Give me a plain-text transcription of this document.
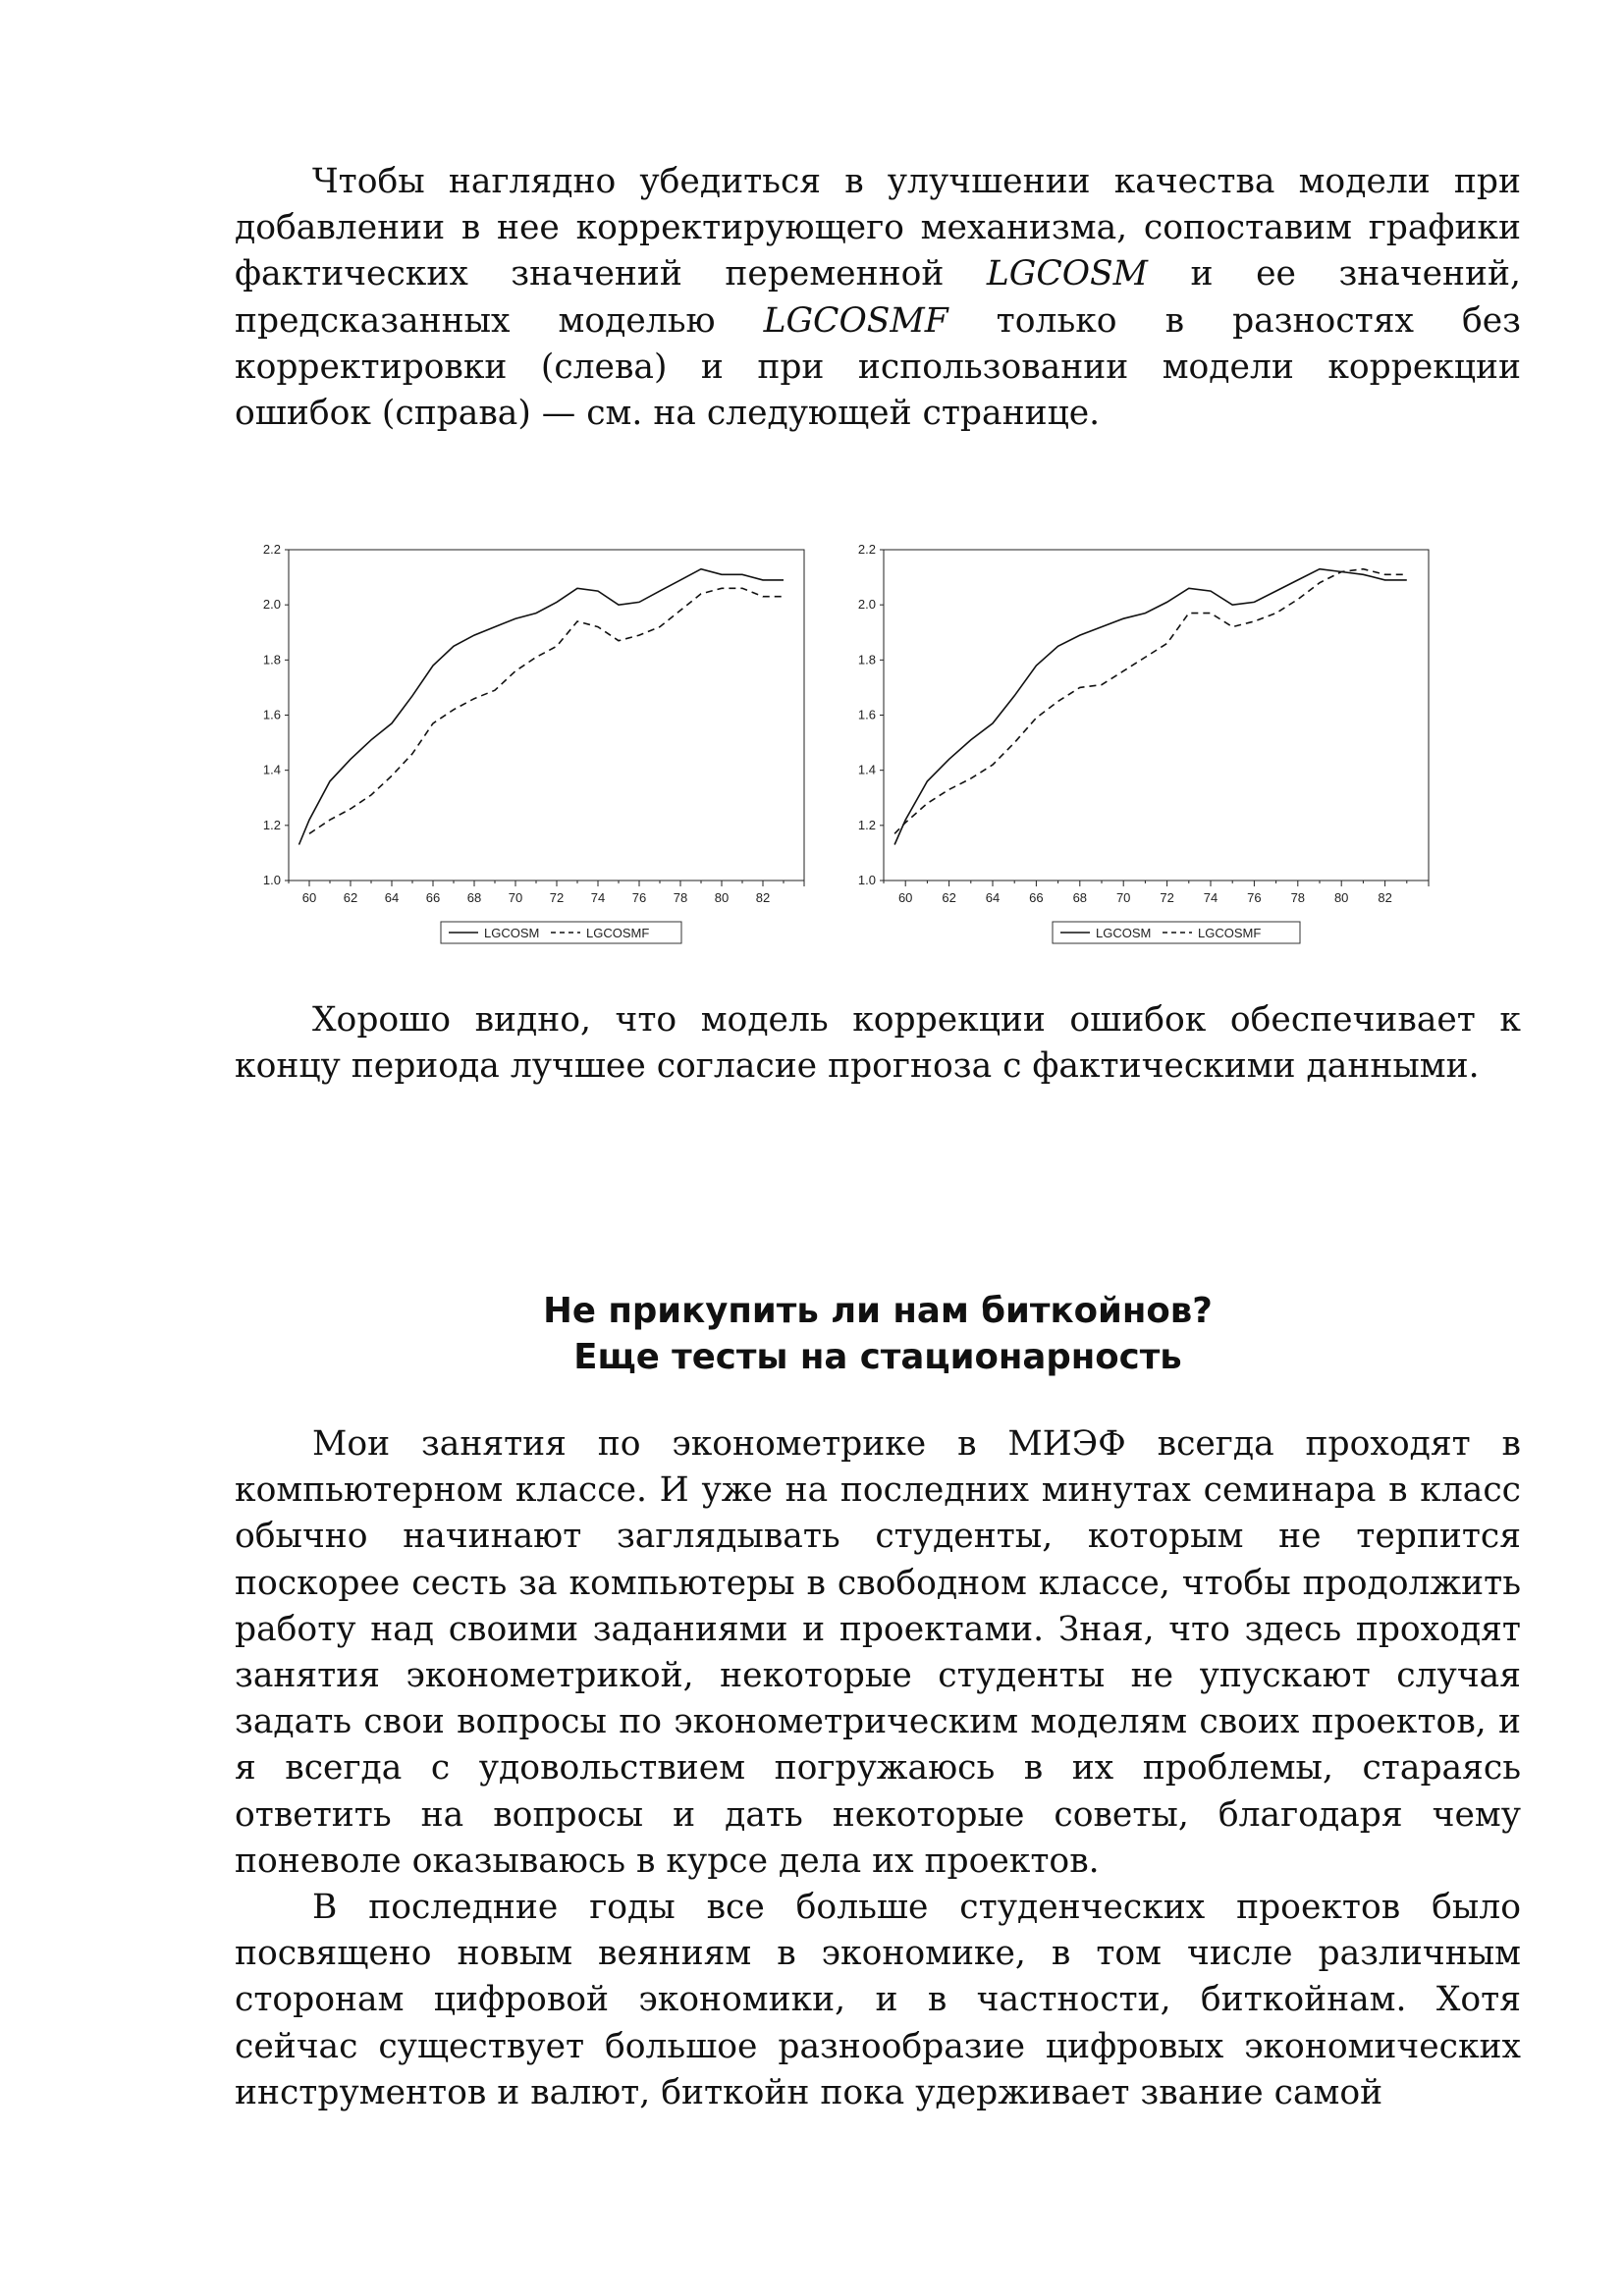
Чтобы наглядно убедиться в улучшении качества модели при добавлении в нее корректирующего механизма, сопоставим графики фактических значений переменной LGCOSM и ее значений, предсказанных моделью LGCOSMF только в разностях без корректировки (слева) и при использовании модели коррекции ошибок (справа) — см. на следующей странице.

1.0
1.2
1.4
1.6
1.8
2.0
2.2
60 62 64 66 68 70 72 74 76 78 80 82
LGCOSM	LGCOSMF
1.0
1.2
1.4
1.6
1.8
2.0
2.2
60 62 64 66 68 70 72 74 76 78 80 82
LGCOSM	LGCOSMF

Хорошо видно, что модель коррекции ошибок обеспечивает к концу периода лучшее согласие прогноза с фактическими данными.

Не прикупить ли нам биткойнов?
Еще тесты на стационарность

Мои занятия по эконометрике в МИЭФ всегда проходят в компьютерном классе. И уже на последних минутах семинара в класс обычно начинают заглядывать студенты, которым не терпится поскорее сесть за компьютеры в свободном классе, чтобы продолжить работу над своими заданиями и проектами. Зная, что здесь проходят занятия эконометрикой, некоторые студенты не упускают случая задать свои вопросы по эконометрическим моделям своих проектов, и я всегда с удовольствием погружаюсь в их проблемы, стараясь ответить на вопросы и дать некоторые советы, благодаря чему поневоле оказываюсь в курсе дела их проектов.

В последние годы все больше студенческих проектов было посвящено новым веяниям в экономике, в том числе различным сторонам цифровой экономики, и в частности, биткойнам. Хотя сейчас существует большое разнообразие цифровых экономических инструментов и валют, биткойн пока удерживает звание самой
